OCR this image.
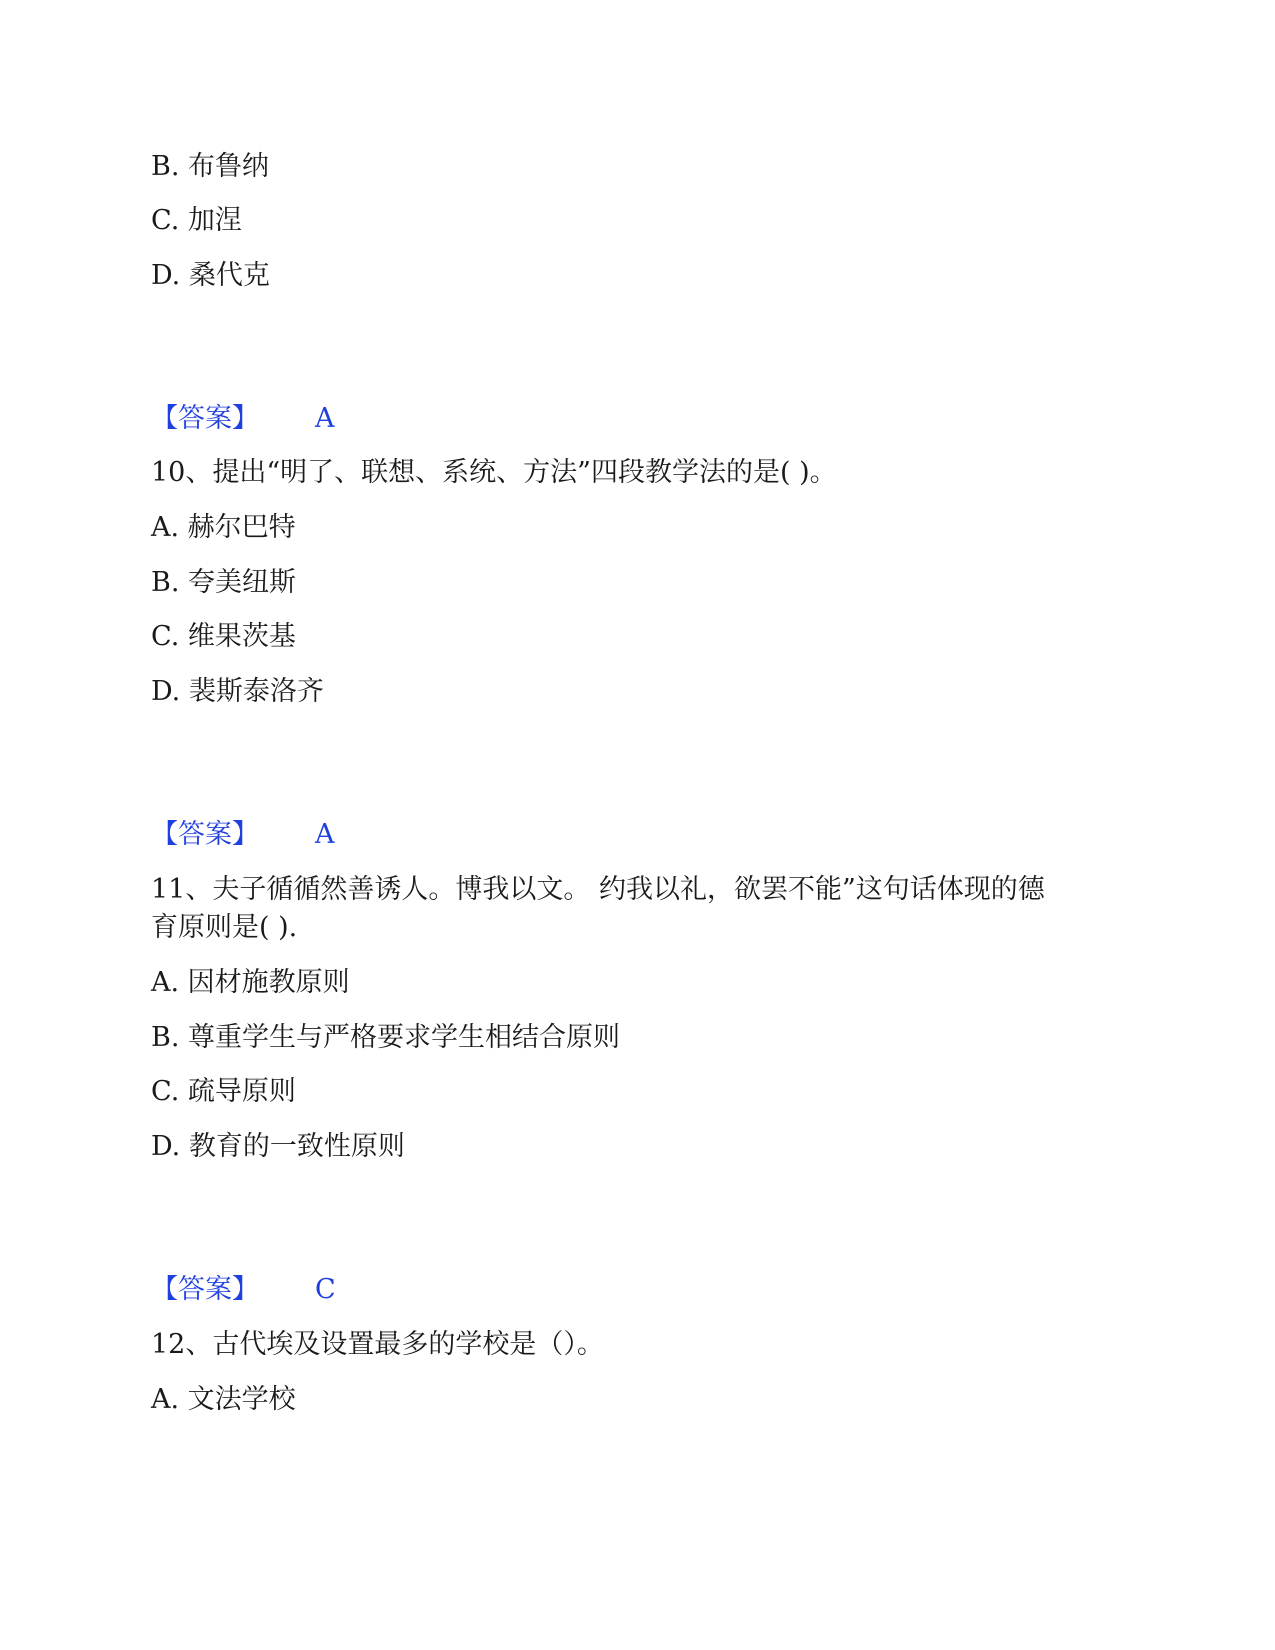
B. 布鲁纳
C. 加涅
D. 桑代克
【答案】 A
10、提出“明了、联想、系统、方法”四段教学法的是( )。
A. 赫尔巴特
B. 夸美纽斯
C. 维果茨基
D. 裴斯泰洛齐
【答案】 A
11、夫子循循然善诱人。博我以文。 约我以礼，欲罢不能”这句话体现的德
育原则是( ).
A. 因材施教原则
B. 尊重学生与严格要求学生相结合原则
C. 疏导原则
D. 教育的一致性原则
【答案】 C
12、古代埃及设置最多的学校是（）。
A. 文法学校
